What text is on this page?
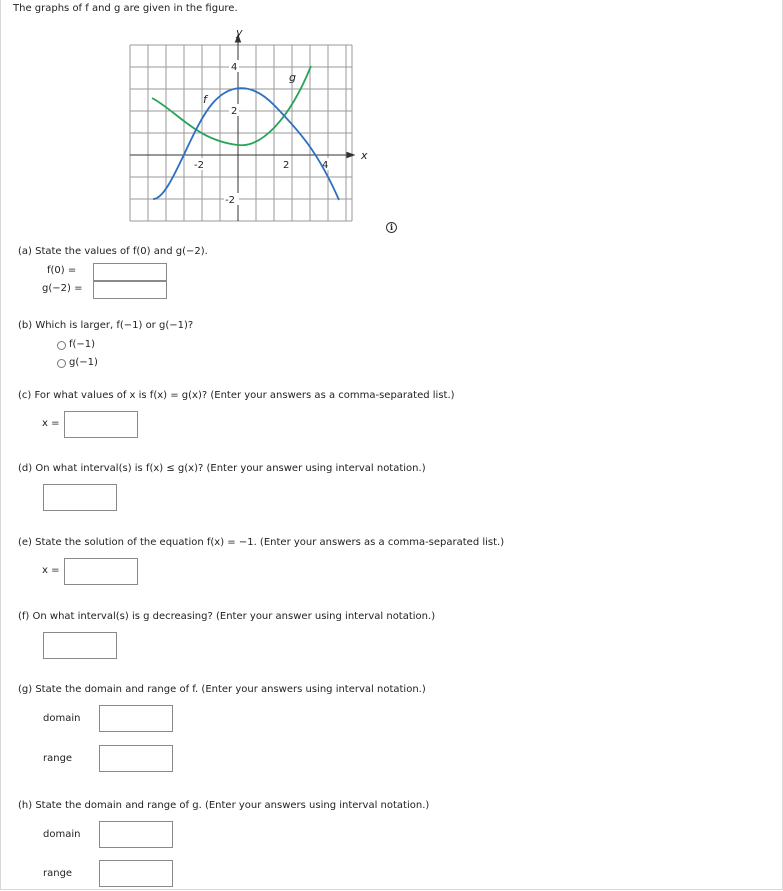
The graphs of f and g are given in the figure.
-2	2	4
4
2
-2
x
y
f
g
i
(a) State the values of f(0) and g(−2).
f(0) =
g(−2) =
(b) Which is larger, f(−1) or g(−1)?
f(−1)
g(−1)
(c) For what values of x is f(x) = g(x)? (Enter your answers as a comma-separated list.)
x =
(d) On what interval(s) is f(x) ≤ g(x)? (Enter your answer using interval notation.)
(e) State the solution of the equation f(x) = −1. (Enter your answers as a comma-separated list.)
x =
(f) On what interval(s) is g decreasing? (Enter your answer using interval notation.)
(g) State the domain and range of f. (Enter your answers using interval notation.)
domain
range
(h) State the domain and range of g. (Enter your answers using interval notation.)
domain
range
